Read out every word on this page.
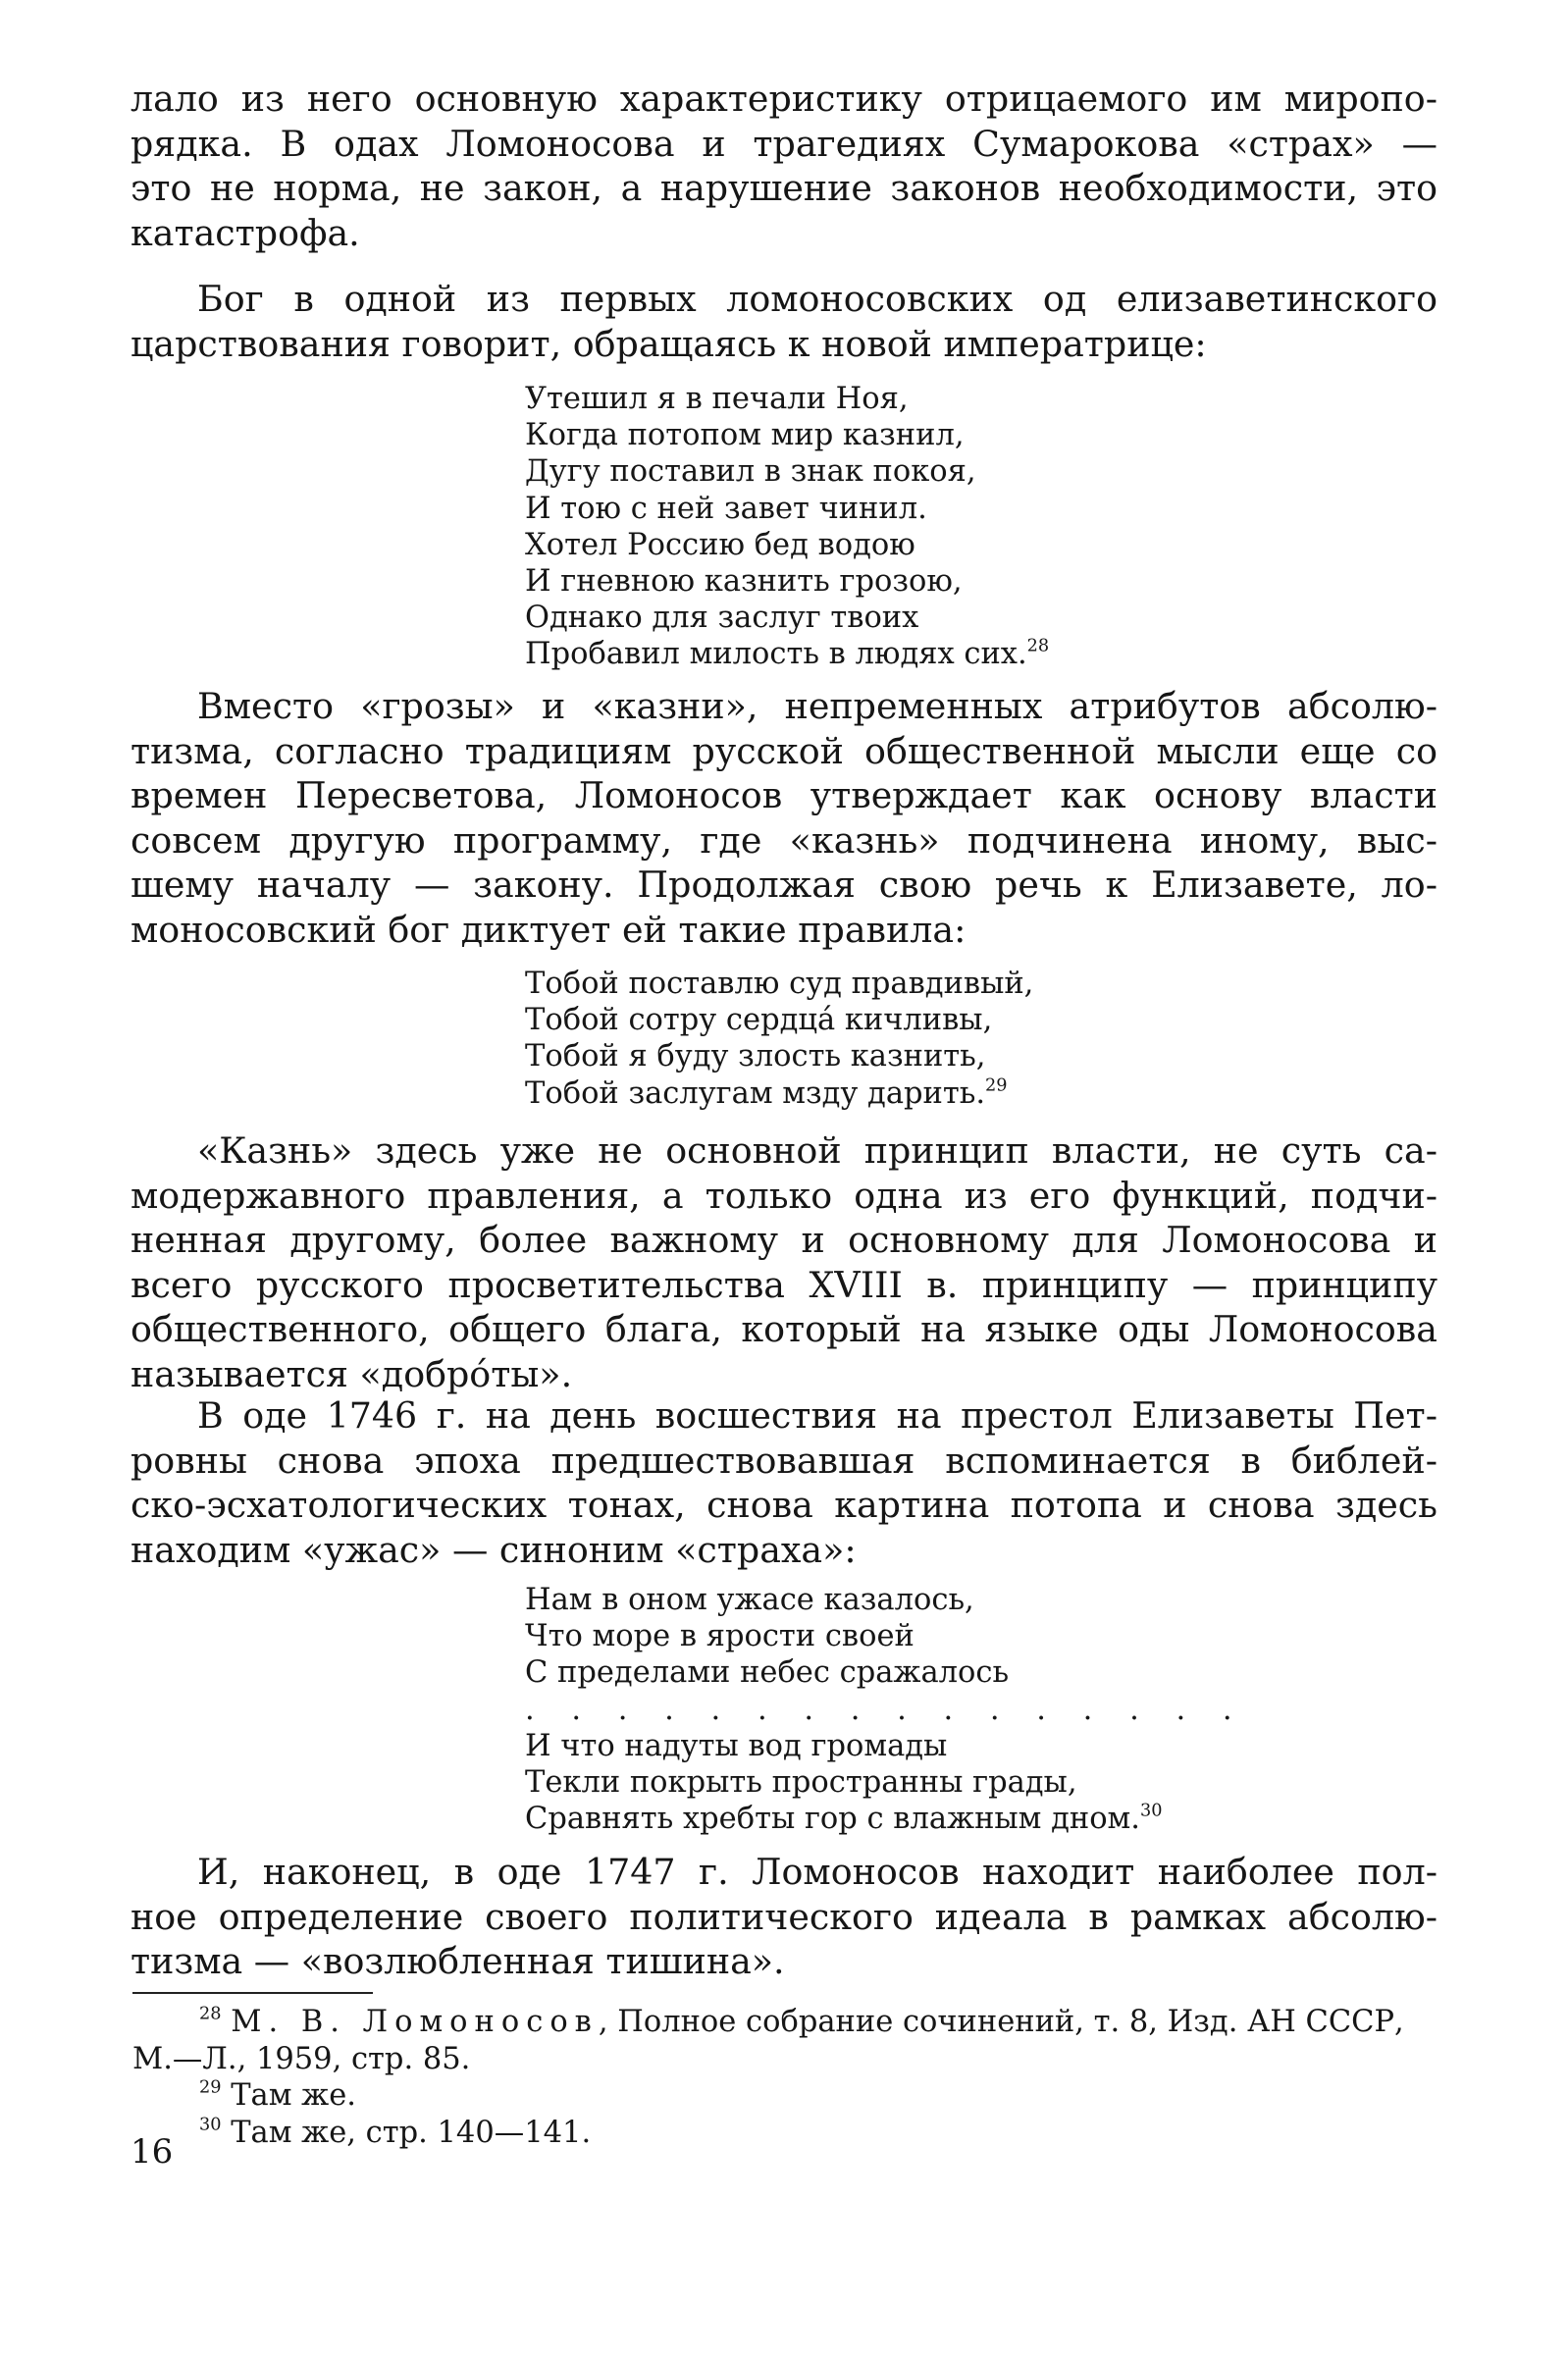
лало из него основную характеристику отрицаемого им миропо-
рядка. В одах Ломоносова и трагедиях Сумарокова «страх» —
это не норма, не закон, а нарушение законов необходимости, это
катастрофа.
Бог в одной из первых ломоносовских од елизаветинского
царствования говорит, обращаясь к новой императрице:
Утешил я в печали Ноя,
Когда потопом мир казнил,
Дугу поставил в знак покоя,
И тою с ней завет чинил.
Хотел Россию бед водою
И гневною казнить грозою,
Однако для заслуг твоих
Пробавил милость в людях сих.$^{28}$
Вместо «грозы» и «казни», непременных атрибутов абсолю-
тизма, согласно традициям русской общественной мысли еще со
времен Пересветова, Ломоносов утверждает как основу власти
совсем другую программу, где «казнь» подчинена иному, выс-
шему началу — закону. Продолжая свою речь к Елизавете, ло-
моносовский бог диктует ей такие правила:
Тобой поставлю суд правдивый,
Тобой сотру сердца́ кичливы,
Тобой я буду злость казнить,
Тобой заслугам мзду дарить.$^{29}$
«Казнь» здесь уже не основной принцип власти, не суть са-
модержавного правления, а только одна из его функций, подчи-
ненная другому, более важному и основному для Ломоносова и
всего русского просветительства XVIII в. принципу — принципу
общественного, общего блага, который на языке оды Ломоносова
называется «добро́ты».
В оде 1746 г. на день восшествия на престол Елизаветы Пет-
ровны снова эпоха предшествовавшая вспоминается в библей-
ско-эсхатологических тонах, снова картина потопа и снова здесь
находим «ужас» — синоним «страха»:
Нам в оном ужасе казалось,
Что море в ярости своей
С пределами небес сражалось
. . . . . . . . . . . . . . . .
И что надуты вод громады
Текли покрыть пространны грады,
Сравнять хребты гор с влажным дном.$^{30}$
И, наконец, в оде 1747 г. Ломоносов находит наиболее пол-
ное определение своего политического идеала в рамках абсолю-
тизма — «возлюбленная тишина».
$^{28}$ М. В. Ломоносов, Полное собрание сочинений, т. 8, Изд. АН СССР,
М.—Л., 1959, стр. 85.
$^{29}$ Там же.
$^{30}$ Там же, стр. 140—141.
16
